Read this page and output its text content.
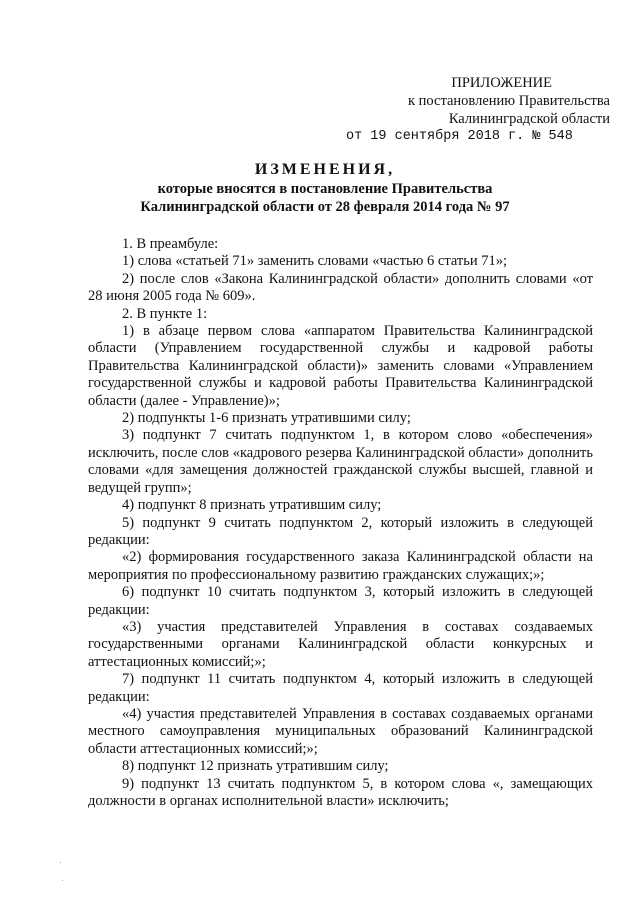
ПРИЛОЖЕНИЕ
к постановлению Правительства
Калининградской области
от 19 сентября 2018 г. № 548
ИЗМЕНЕНИЯ,
которые вносятся в постановление Правительства
Калининградской области от 28 февраля 2014 года № 97

1. В преамбуле:

1) слова «статьей 71» заменить словами «частью 6 статьи 71»;

2) после слов «Закона Калининградской области» дополнить словами «от 28 июня 2005 года № 609».

2. В пункте 1:

1) в абзаце первом слова «аппаратом Правительства Калининградской области (Управлением государственной службы и кадровой работы Правительства Калининградской области)» заменить словами «Управлением государственной службы и кадровой работы Правительства Калининградской области (далее - Управление)»;

2) подпункты 1-6 признать утратившими силу;

3) подпункт 7 считать подпунктом 1, в котором слово «обеспечения» исключить, после слов «кадрового резерва Калининградской области» дополнить словами «для замещения должностей гражданской службы высшей, главной и ведущей групп»;

4) подпункт 8 признать утратившим силу;

5) подпункт 9 считать подпунктом 2, который изложить в следующей редакции:

«2) формирования государственного заказа Калининградской области на мероприятия по профессиональному развитию гражданских служащих;»;

6) подпункт 10 считать подпунктом 3, который изложить в следующей редакции:

«3) участия представителей Управления в составах создаваемых государственными органами Калининградской области конкурсных и аттестационных комиссий;»;

7) подпункт 11 считать подпунктом 4, который изложить в следующей редакции:

«4) участия представителей Управления в составах создаваемых органами местного самоуправления муниципальных образований Калининградской области аттестационных комиссий;»;

8) подпункт 12 признать утратившим силу;

9) подпункт 13 считать подпунктом 5, в котором слова «, замещающих должности в органах исполнительной власти» исключить;
